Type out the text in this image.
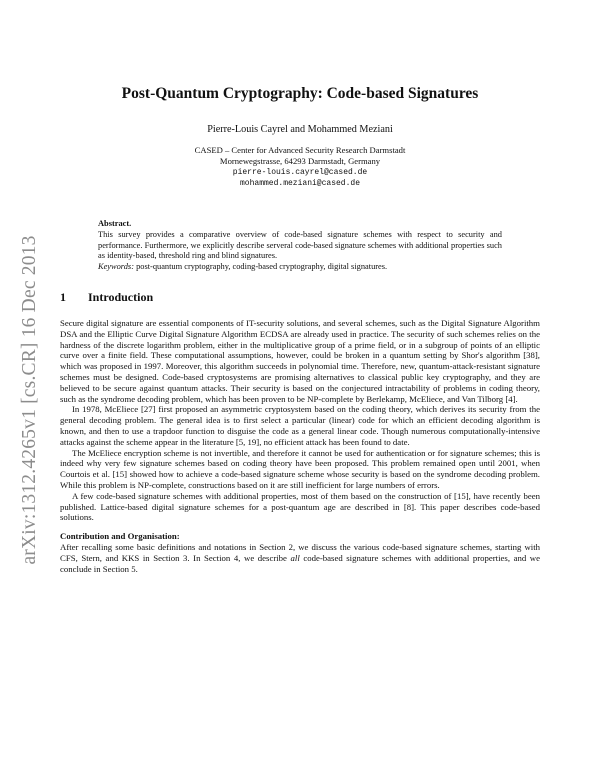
arXiv:1312.4265v1 [cs.CR] 16 Dec 2013
Post-Quantum Cryptography: Code-based Signatures
Pierre-Louis Cayrel and Mohammed Meziani
CASED – Center for Advanced Security Research Darmstadt
Mornewegstrasse, 64293 Darmstadt, Germany
pierre-louis.cayrel@cased.de
mohammed.meziani@cased.de
Abstract.
This survey provides a comparative overview of code-based signature schemes with respect to security and performance. Furthermore, we explicitly describe serveral code-based signature schemes with additional properties such as identity-based, threshold ring and blind signatures.
Keywords: post-quantum cryptography, coding-based cryptography, digital signatures.
1 Introduction

Secure digital signature are essential components of IT-security solutions, and several schemes, such as the Digital Signature Algorithm DSA and the Elliptic Curve Digital Signature Algorithm ECDSA are already used in practice. The security of such schemes relies on the hardness of the discrete logarithm problem, either in the multiplicative group of a prime field, or in a subgroup of points of an elliptic curve over a finite field. These computational assumptions, however, could be broken in a quantum setting by Shor's algorithm [38], which was proposed in 1997. Moreover, this algorithm succeeds in polynomial time. Therefore, new, quantum-attack-resistant signature schemes must be designed. Code-based cryptosystems are promising alternatives to classical public key cryptography, and they are believed to be secure against quantum attacks. Their security is based on the conjectured intractability of problems in coding theory, such as the syndrome decoding problem, which has been proven to be NP-complete by Berlekamp, McEliece, and Van Tilborg [4].

In 1978, McEliece [27] first proposed an asymmetric cryptosystem based on the coding theory, which derives its security from the general decoding problem. The general idea is to first select a particular (linear) code for which an efficient decoding algorithm is known, and then to use a trapdoor function to disguise the code as a general linear code. Though numerous computationally-intensive attacks against the scheme appear in the literature [5, 19], no efficient attack has been found to date.

The McEliece encryption scheme is not invertible, and therefore it cannot be used for authentication or for signature schemes; this is indeed why very few signature schemes based on coding theory have been proposed. This problem remained open until 2001, when Courtois et al. [15] showed how to achieve a code-based signature scheme whose security is based on the syndrome decoding problem. While this problem is NP-complete, constructions based on it are still inefficient for large numbers of errors.

A few code-based signature schemes with additional properties, most of them based on the construction of [15], have recently been published. Lattice-based digital signature schemes for a post-quantum age are described in [8]. This paper describes code-based solutions.

Contribution and Organisation:

After recalling some basic definitions and notations in Section 2, we discuss the various code-based signature schemes, starting with CFS, Stern, and KKS in Section 3. In Section 4, we describe all code-based signature schemes with additional properties, and we conclude in Section 5.
